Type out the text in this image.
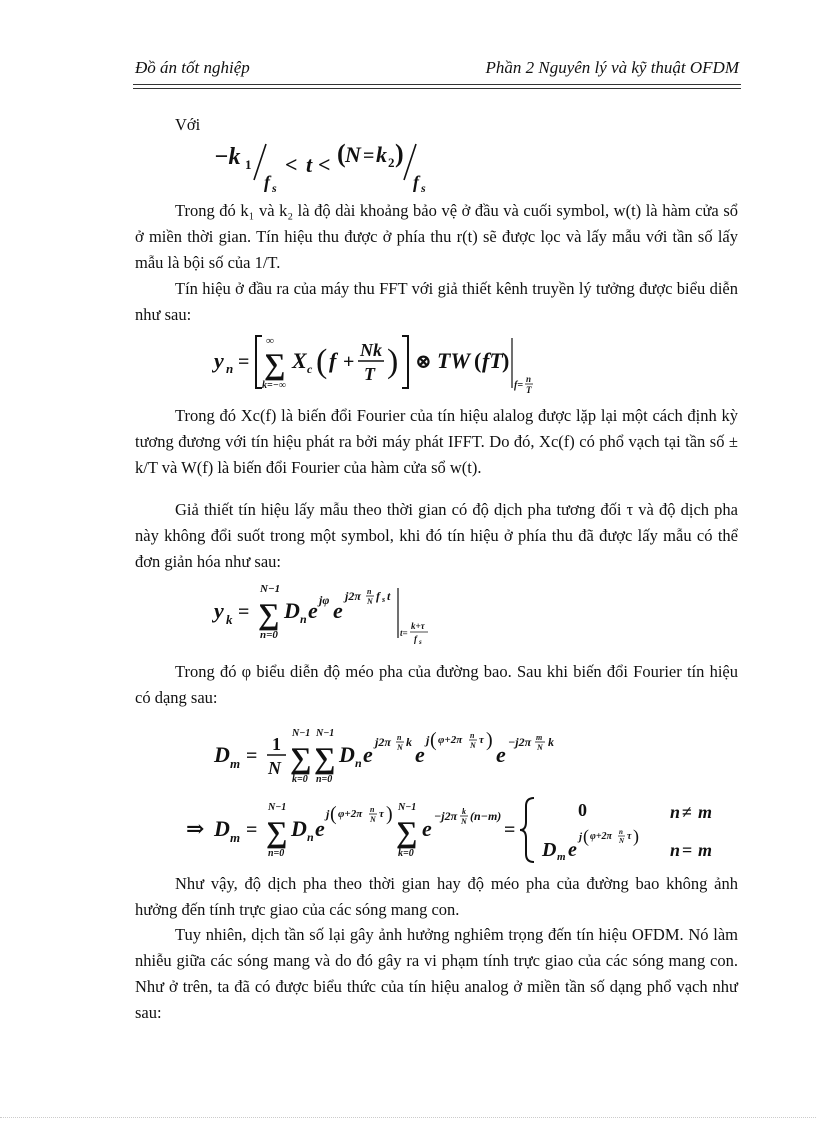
Đồ án tốt nghiệp	Phần 2 Nguyên lý và kỹ thuật OFDM
Với
−k 1
f s
< t < ( N = k 2 )
f s
Trong đó k₁ và k₂ là độ dài khoảng bảo vệ ở đầu và cuối symbol, w(t) là hàm cửa sổ ở miền thời gian. Tín hiệu thu được ở phía thu r(t) sẽ được lọc và lấy mẫu với tần số lấy mẫu là bội số của 1/T.
Tín hiệu ở đầu ra của máy thu FFT với giả thiết kênh truyền lý tưởng được biểu diễn như sau:
y n =
∞
∑
k=−∞
X c ( f +
Nk
T ) ⊗ TW ( fT )
f=
n
T
Trong đó Xc(f) là biến đổi Fourier của tín hiệu alalog được lặp lại một cách định kỳ tương đương với tín hiệu phát ra bởi máy phát IFFT. Do đó, Xc(f) có phổ vạch tại tần số ± k/T và W(f) là biến đổi Fourier của hàm cửa sổ w(t).
Giả thiết tín hiệu lấy mẫu theo thời gian có độ dịch pha tương đối τ và độ dịch pha này không đổi suốt trong một symbol, khi đó tín hiệu ở phía thu đã được lấy mẫu có thể đơn giản hóa như sau:
y k =
N−1
∑
n=0
D n e jφ e
j2π n
N f s t
t=
k+τ
f s
Trong đó φ biểu diễn độ méo pha của đường bao. Sau khi biến đổi Fourier tín hiệu có dạng sau:
D m =
1
N
N−1
∑
k=0
N−1
∑
n=0
D n e j2π n
N k e
j ( φ+2π n
N τ )
e −j2π m
N k
⇒ D m =
N−1
∑
n=0
D n e
j ( φ+2π n
N τ ) N−1
∑
k=0
e −j2π k
N (n−m)
=
0
D m e
j ( φ+2π n
N τ )
n ≠ m
n = m
Như vậy, độ dịch pha theo thời gian hay độ méo pha của đường bao không ảnh hưởng đến tính trực giao của các sóng mang con.
Tuy nhiên, dịch tần số lại gây ảnh hưởng nghiêm trọng đến tín hiệu OFDM. Nó làm nhiễu giữa các sóng mang và do đó gây ra vi phạm tính trực giao của các sóng mang con. Như ở trên, ta đã có được biểu thức của tín hiệu analog ở miền tần số dạng phổ vạch như sau:
